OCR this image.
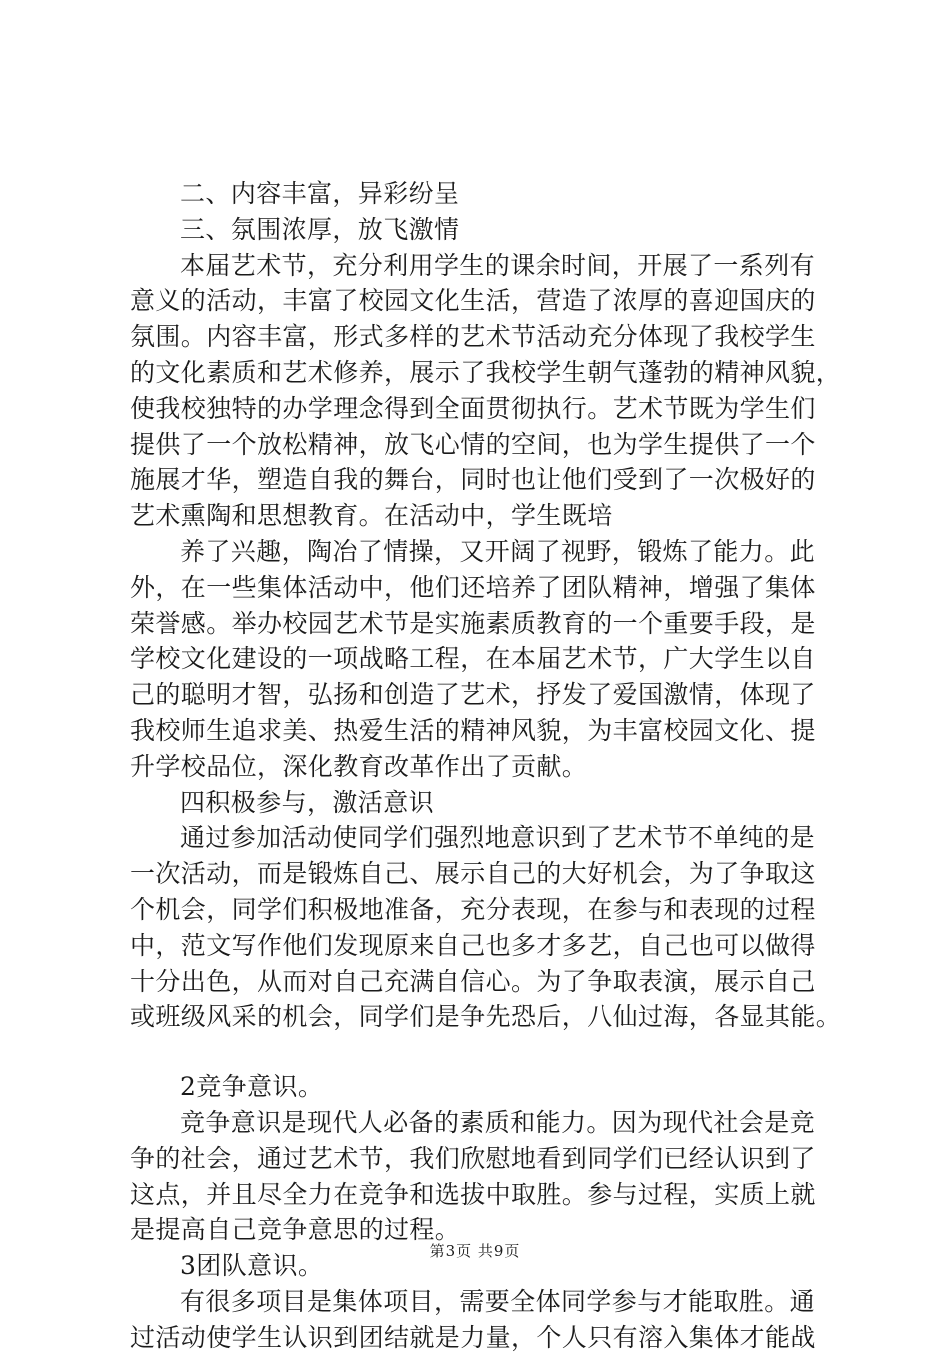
二、内容丰富，异彩纷呈
三、氛围浓厚，放飞激情
本届艺术节，充分利用学生的课余时间，开展了一系列有
意义的活动，丰富了校园文化生活，营造了浓厚的喜迎国庆的
氛围。内容丰富，形式多样的艺术节活动充分体现了我校学生
的文化素质和艺术修养，展示了我校学生朝气蓬勃的精神风貌，
使我校独特的办学理念得到全面贯彻执行。艺术节既为学生们
提供了一个放松精神，放飞心情的空间，也为学生提供了一个
施展才华，塑造自我的舞台，同时也让他们受到了一次极好的
艺术熏陶和思想教育。在活动中，学生既培
养了兴趣，陶冶了情操，又开阔了视野，锻炼了能力。此
外，在一些集体活动中，他们还培养了团队精神，增强了集体
荣誉感。举办校园艺术节是实施素质教育的一个重要手段，是
学校文化建设的一项战略工程，在本届艺术节，广大学生以自
己的聪明才智，弘扬和创造了艺术，抒发了爱国激情，体现了
我校师生追求美、热爱生活的精神风貌，为丰富校园文化、提
升学校品位，深化教育改革作出了贡献。
四积极参与，激活意识
通过参加活动使同学们强烈地意识到了艺术节不单纯的是
一次活动，而是锻炼自己、展示自己的大好机会，为了争取这
个机会，同学们积极地准备，充分表现，在参与和表现的过程
中，范文写作他们发现原来自己也多才多艺，自己也可以做得
十分出色，从而对自己充满自信心。为了争取表演，展示自己
或班级风采的机会，同学们是争先恐后，八仙过海，各显其能。
2竞争意识。
竞争意识是现代人必备的素质和能力。因为现代社会是竞
争的社会，通过艺术节，我们欣慰地看到同学们已经认识到了
这点，并且尽全力在竞争和选拔中取胜。参与过程，实质上就
是提高自己竞争意思的过程。
3团队意识。
有很多项目是集体项目，需要全体同学参与才能取胜。通
过活动使学生认识到团结就是力量，个人只有溶入集体才能战
第3页 共9页
